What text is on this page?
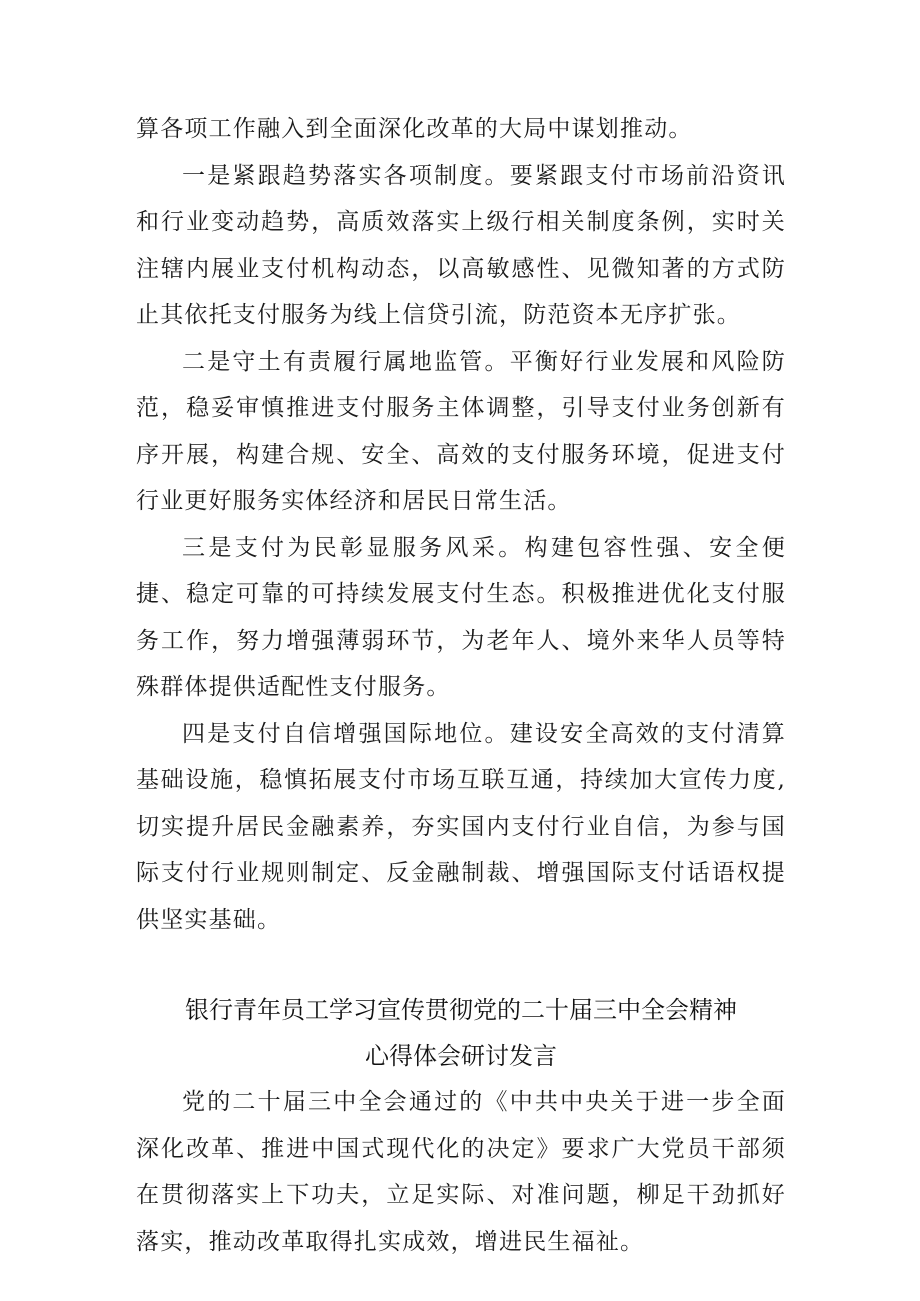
算各项工作融入到全面深化改革的大局中谋划推动。

一是紧跟趋势落实各项制度。要紧跟支付市场前沿资讯和行业变动趋势，高质效落实上级行相关制度条例，实时关注辖内展业支付机构动态，以高敏感性、见微知著的方式防止其依托支付服务为线上信贷引流，防范资本无序扩张。

二是守土有责履行属地监管。平衡好行业发展和风险防范，稳妥审慎推进支付服务主体调整，引导支付业务创新有序开展，构建合规、安全、高效的支付服务环境，促进支付行业更好服务实体经济和居民日常生活。

三是支付为民彰显服务风采。构建包容性强、安全便捷、稳定可靠的可持续发展支付生态。积极推进优化支付服务工作，努力增强薄弱环节，为老年人、境外来华人员等特殊群体提供适配性支付服务。

四是支付自信增强国际地位。建设安全高效的支付清算基础设施，稳慎拓展支付市场互联互通，持续加大宣传力度,切实提升居民金融素养，夯实国内支付行业自信，为参与国际支付行业规则制定、反金融制裁、增强国际支付话语权提供坚实基础。

银行青年员工学习宣传贯彻党的二十届三中全会精神
心得体会研讨发言

党的二十届三中全会通过的《中共中央关于进一步全面深化改革、推进中国式现代化的决定》要求广大党员干部须在贯彻落实上下功夫，立足实际、对准问题，柳足干劲抓好落实，推动改革取得扎实成效，增进民生福祉。
